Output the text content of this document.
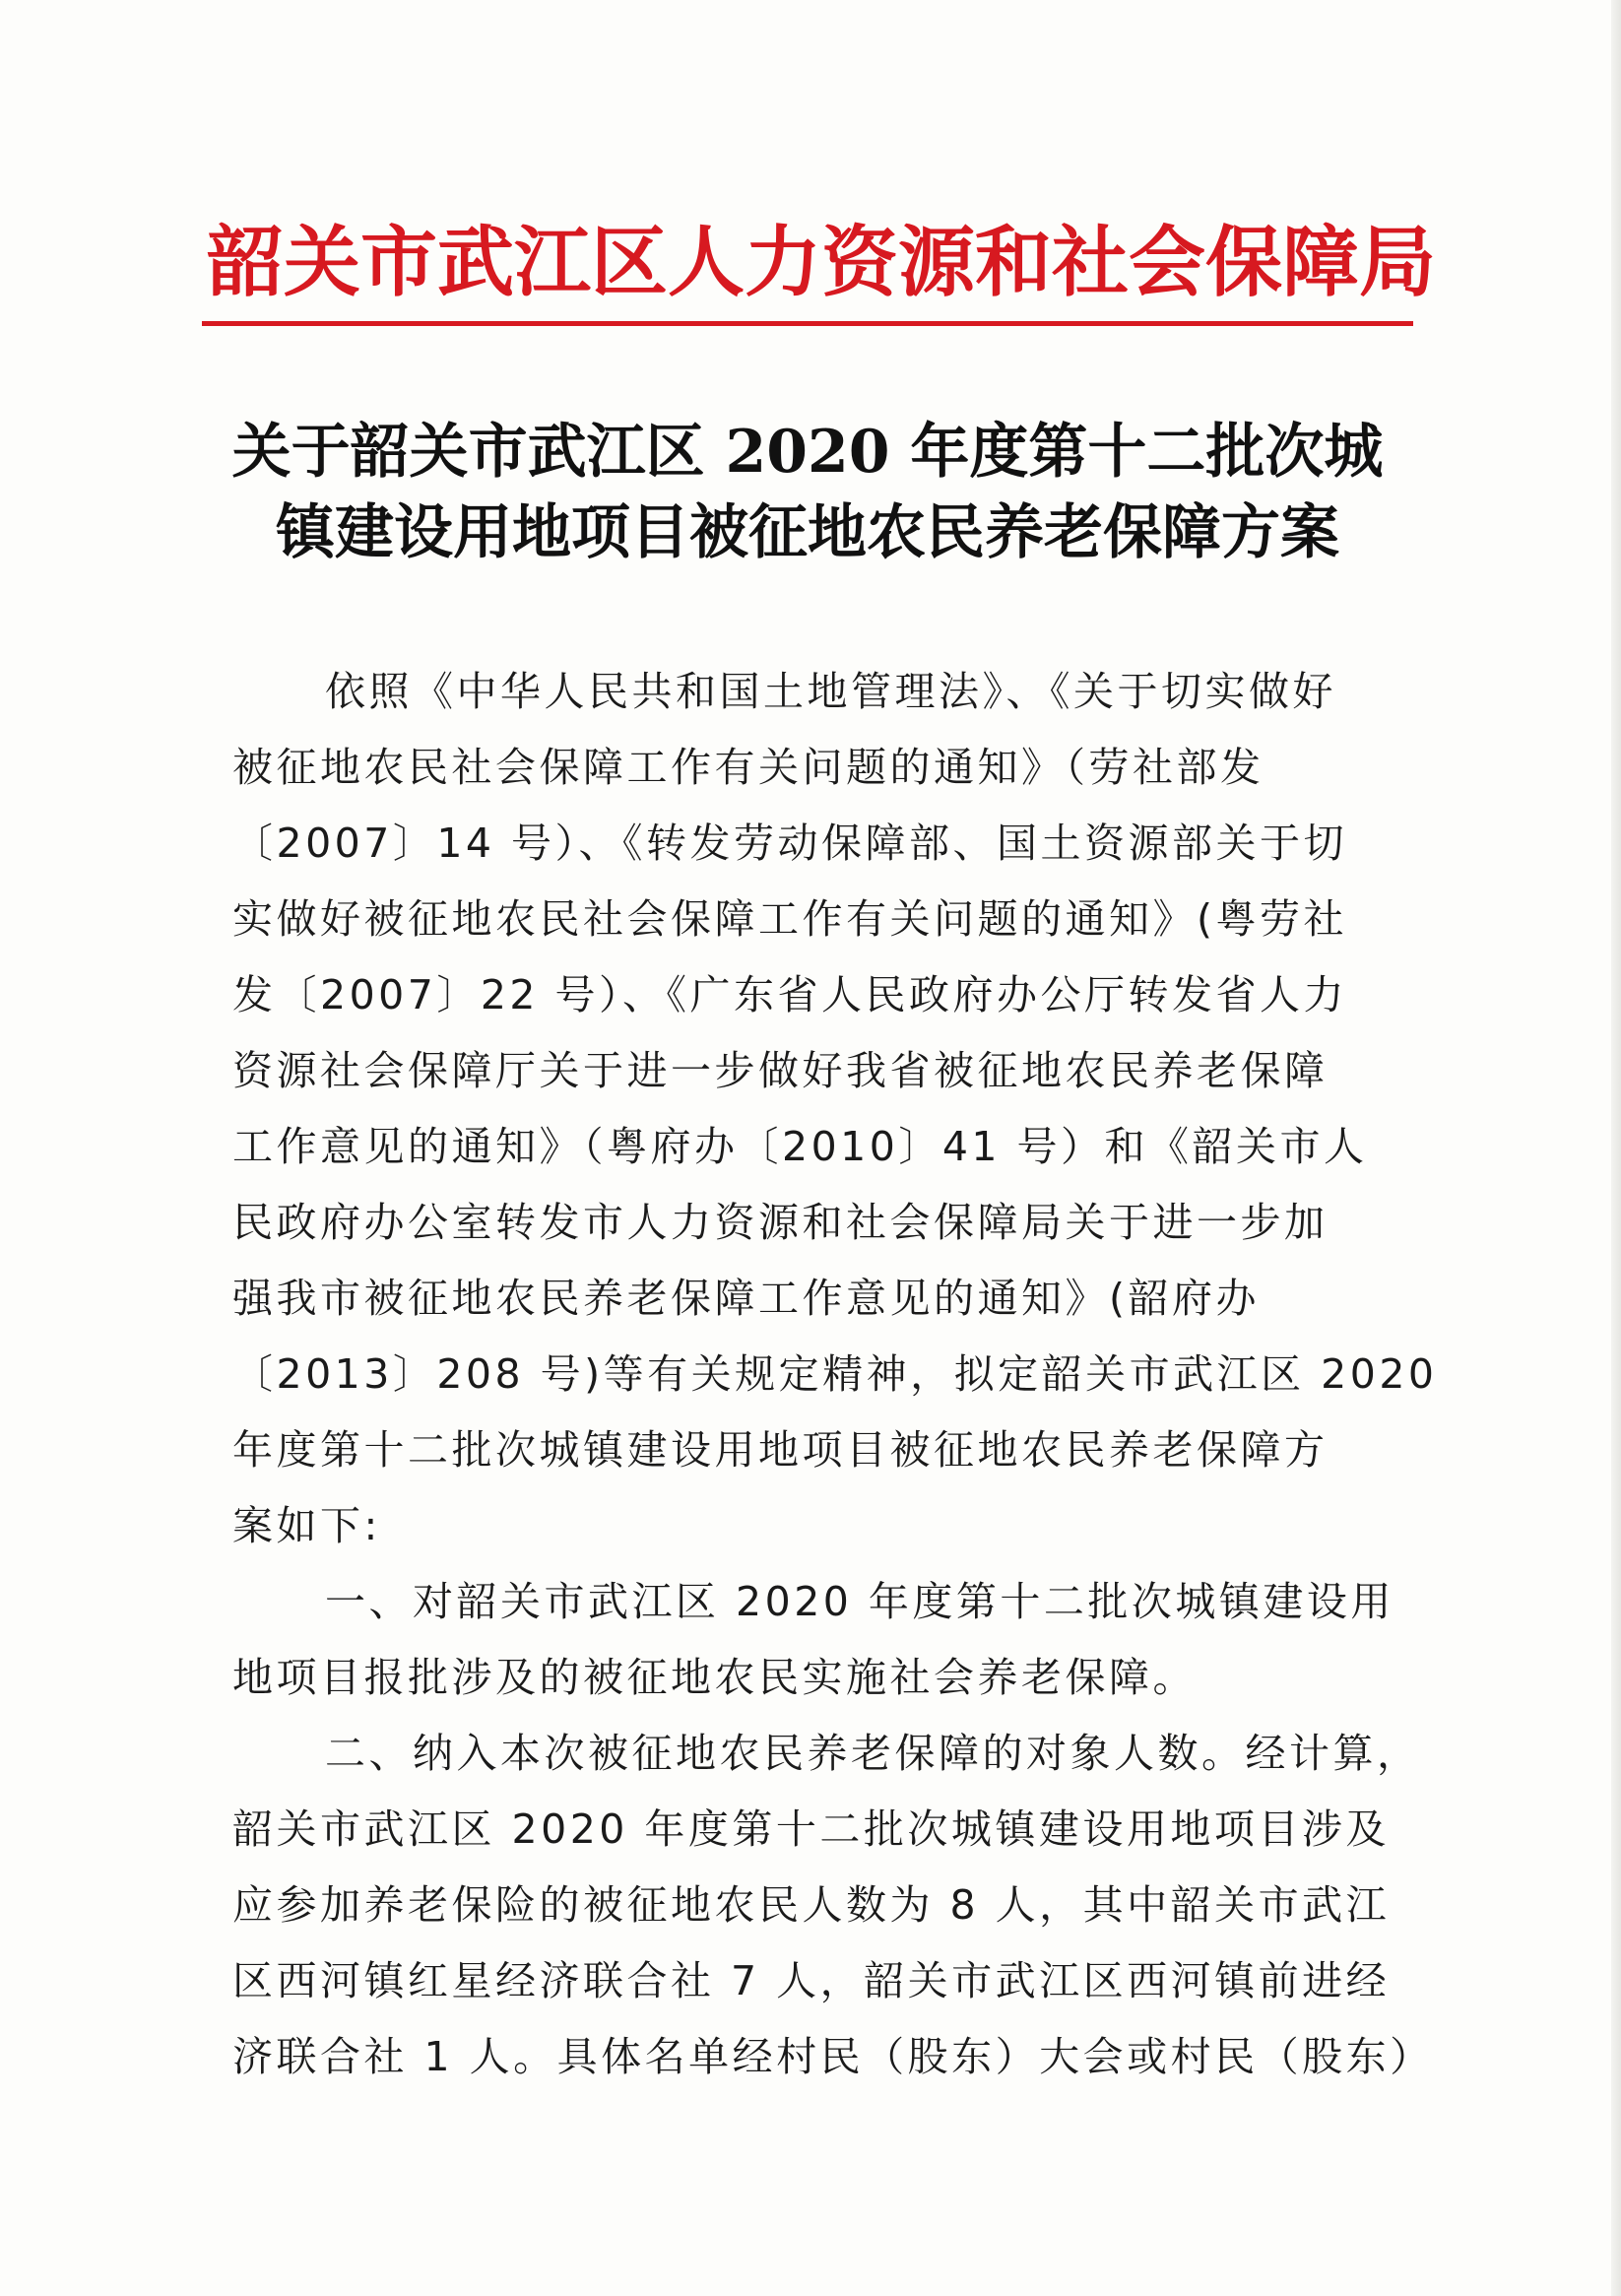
韶关市武江区人力资源和社会保障局
关于韶关市武江区 2020 年度第十二批次城
镇建设用地项目被征地农民养老保障方案
依照《中华人民共和国土地管理法》、《关于切实做好
被征地农民社会保障工作有关问题的通知》（劳社部发
〔2007〕14 号）、《转发劳动保障部、国土资源部关于切
实做好被征地农民社会保障工作有关问题的通知》(粤劳社
发〔2007〕22 号）、《广东省人民政府办公厅转发省人力
资源社会保障厅关于进一步做好我省被征地农民养老保障
工作意见的通知》（粤府办〔2010〕41 号）和《韶关市人
民政府办公室转发市人力资源和社会保障局关于进一步加
强我市被征地农民养老保障工作意见的通知》(韶府办
〔2013〕208 号)等有关规定精神，拟定韶关市武江区 2020
年度第十二批次城镇建设用地项目被征地农民养老保障方
案如下:
一、对韶关市武江区 2020 年度第十二批次城镇建设用
地项目报批涉及的被征地农民实施社会养老保障。
二、纳入本次被征地农民养老保障的对象人数。经计算，
韶关市武江区 2020 年度第十二批次城镇建设用地项目涉及
应参加养老保险的被征地农民人数为 8 人，其中韶关市武江
区西河镇红星经济联合社 7 人，韶关市武江区西河镇前进经
济联合社 1 人。具体名单经村民（股东）大会或村民（股东）
